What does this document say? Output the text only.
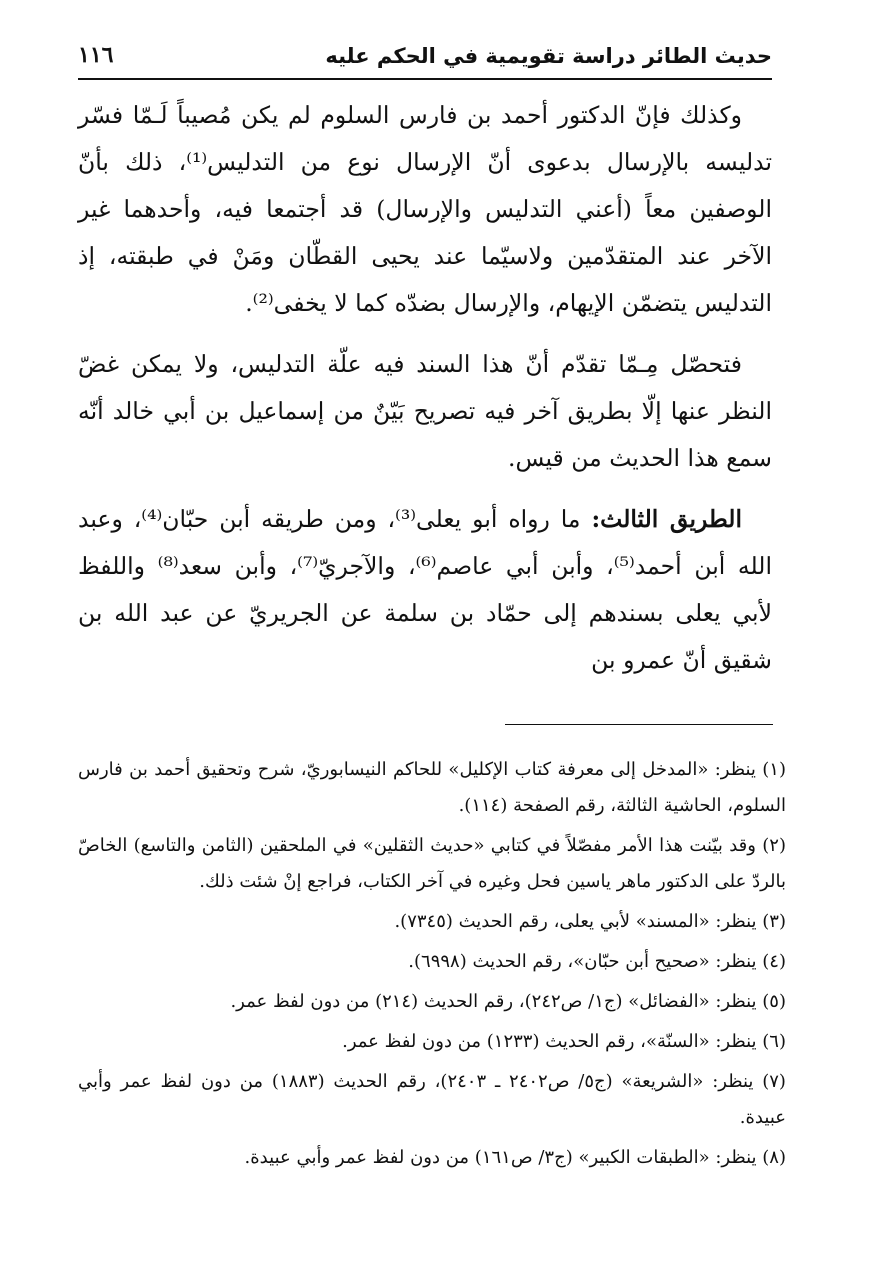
حديث الطائر دراسة تقويمية في الحكم عليه
١١٦

وكذلك فإنّ الدكتور أحمد بن فارس السلوم لم يكن مُصيباً لَـمّا فسّر تدليسه بالإرسال بدعوى أنّ الإرسال نوع من التدليس⁽¹⁾، ذلك بأنّ الوصفين معاً (أعني التدليس والإرسال) قد أجتمعا فيه، وأحدهما غير الآخر عند المتقدّمين ولاسيّما عند يحيى القطّان ومَنْ في طبقته، إذ التدليس يتضمّن الإيهام، والإرسال بضدّه كما لا يخفى⁽²⁾.

فتحصّل مِـمّا تقدّم أنّ هذا السند فيه علّة التدليس، ولا يمكن غضّ النظر عنها إلّا بطريق آخر فيه تصريح بَيّنٌ من إسماعيل بن أبي خالد أنّه سمع هذا الحديث من قيس.

الطريق الثالث: ما رواه أبو يعلى⁽³⁾، ومن طريقه أبن حبّان⁽⁴⁾، وعبد الله أبن أحمد⁽⁵⁾، وأبن أبي عاصم⁽⁶⁾، والآجريّ⁽⁷⁾، وأبن سعد⁽⁸⁾ واللفظ لأبي يعلى بسندهم إلى حمّاد بن سلمة عن الجريريّ عن عبد الله بن شقيق أنّ عمرو بن

(١) ينظر: «المدخل إلى معرفة كتاب الإكليل» للحاكم النيسابوريّ، شرح وتحقيق أحمد بن فارس السلوم، الحاشية الثالثة، رقم الصفحة (١١٤).
(٢) وقد بيّنت هذا الأمر مفصّلاً في كتابي «حديث الثقلين» في الملحقين (الثامن والتاسع) الخاصّ بالردّ على الدكتور ماهر ياسين فحل وغيره في آخر الكتاب، فراجع إنْ شئت ذلك.
(٣) ينظر: «المسند» لأبي يعلى، رقم الحديث (٧٣٤٥).
(٤) ينظر: «صحيح أبن حبّان»، رقم الحديث (٦٩٩٨).
(٥) ينظر: «الفضائل» (ج١/ ص٢٤٢)، رقم الحديث (٢١٤) من دون لفظ عمر.
(٦) ينظر: «السنّة»، رقم الحديث (١٢٣٣) من دون لفظ عمر.
(٧) ينظر: «الشريعة» (ج٥/ ص٢٤٠٢ ـ ٢٤٠٣)، رقم الحديث (١٨٨٣) من دون لفظ عمر وأبي عبيدة.
(٨) ينظر: «الطبقات الكبير» (ج٣/ ص١٦١) من دون لفظ عمر وأبي عبيدة.
